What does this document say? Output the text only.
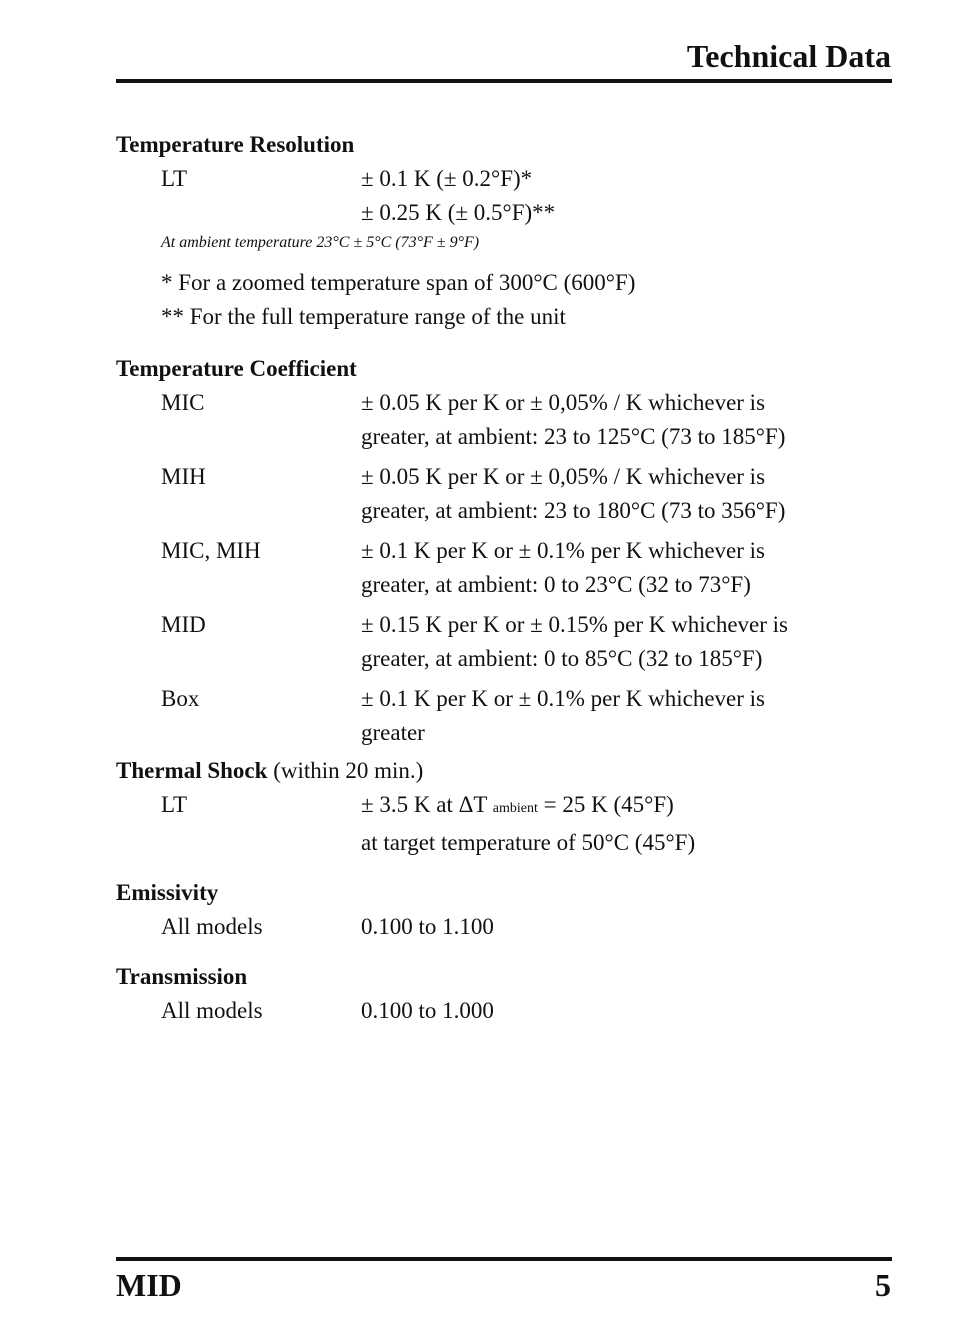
Technical Data
Temperature Resolution
LT	± 0.1 K (± 0.2°F)*
± 0.25 K (± 0.5°F)**
At ambient temperature 23°C ± 5°C (73°F ± 9°F)
* For a zoomed temperature span of 300°C (600°F)
** For the full temperature range of the unit
Temperature Coefficient
MIC	± 0.05 K per K or ± 0,05% / K whichever is
greater, at ambient: 23 to 125°C (73 to 185°F)
MIH	± 0.05 K per K or ± 0,05% / K whichever is
greater, at ambient: 23 to 180°C (73 to 356°F)
MIC, MIH	± 0.1 K per K or ± 0.1% per K whichever is
greater, at ambient: 0 to 23°C (32 to 73°F)
MID	± 0.15 K per K or ± 0.15% per K whichever is
greater, at ambient: 0 to 85°C (32 to 185°F)
Box	± 0.1 K per K or ± 0.1% per K whichever is
greater
Thermal Shock (within 20 min.)
LT	± 3.5 K at ΔT ambient = 25 K (45°F)
at target temperature of 50°C (45°F)
Emissivity
All models	0.100 to 1.100
Transmission
All models	0.100 to 1.000
MID	5
